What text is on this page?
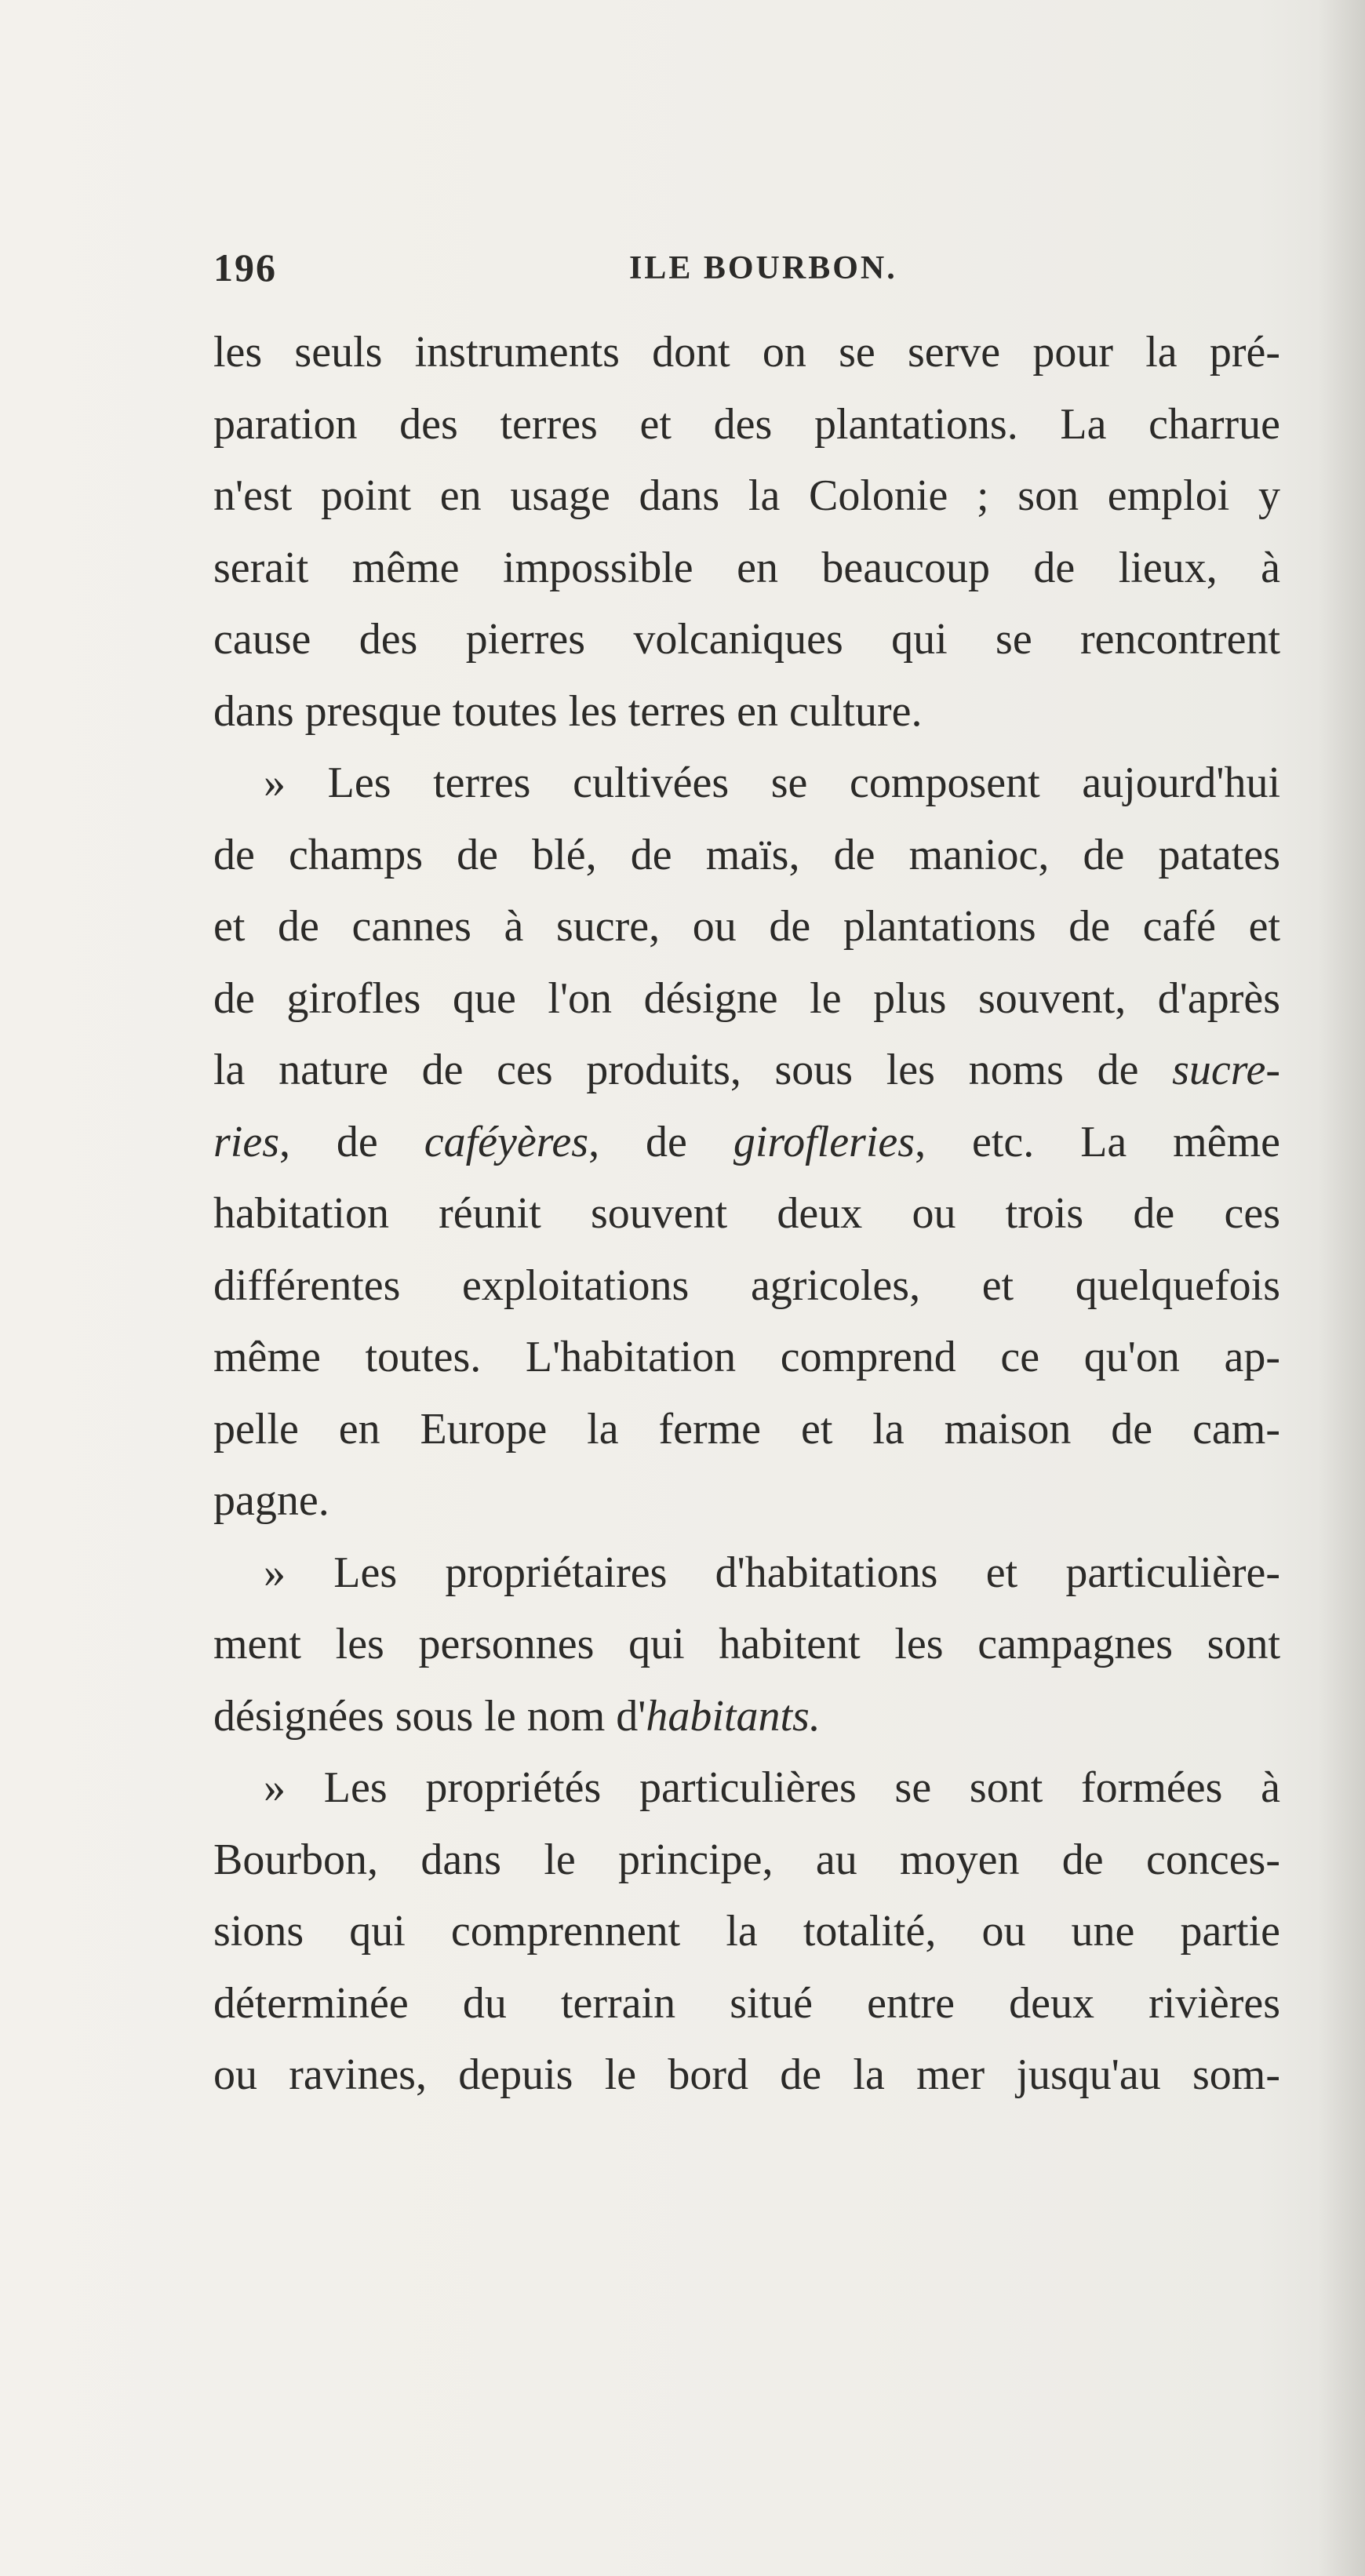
196	ILE BOURBON.
les seuls instruments dont on se serve pour la pré-
paration des terres et des plantations. La charrue
n'est point en usage dans la Colonie ; son emploi y
serait même impossible en beaucoup de lieux, à
cause des pierres volcaniques qui se rencontrent
dans presque toutes les terres en culture.
» Les terres cultivées se composent aujourd'hui
de champs de blé, de maïs, de manioc, de patates
et de cannes à sucre, ou de plantations de café et
de girofles que l'on désigne le plus souvent, d'après
la nature de ces produits, sous les noms de sucre-
ries, de caféyères, de girofleries, etc. La même
habitation réunit souvent deux ou trois de ces
différentes exploitations agricoles, et quelquefois
même toutes. L'habitation comprend ce qu'on ap-
pelle en Europe la ferme et la maison de cam-
pagne.
» Les propriétaires d'habitations et particulière-
ment les personnes qui habitent les campagnes sont
désignées sous le nom d'habitants.
» Les propriétés particulières se sont formées à
Bourbon, dans le principe, au moyen de conces-
sions qui comprennent la totalité, ou une partie
déterminée du terrain situé entre deux rivières
ou ravines, depuis le bord de la mer jusqu'au som-
